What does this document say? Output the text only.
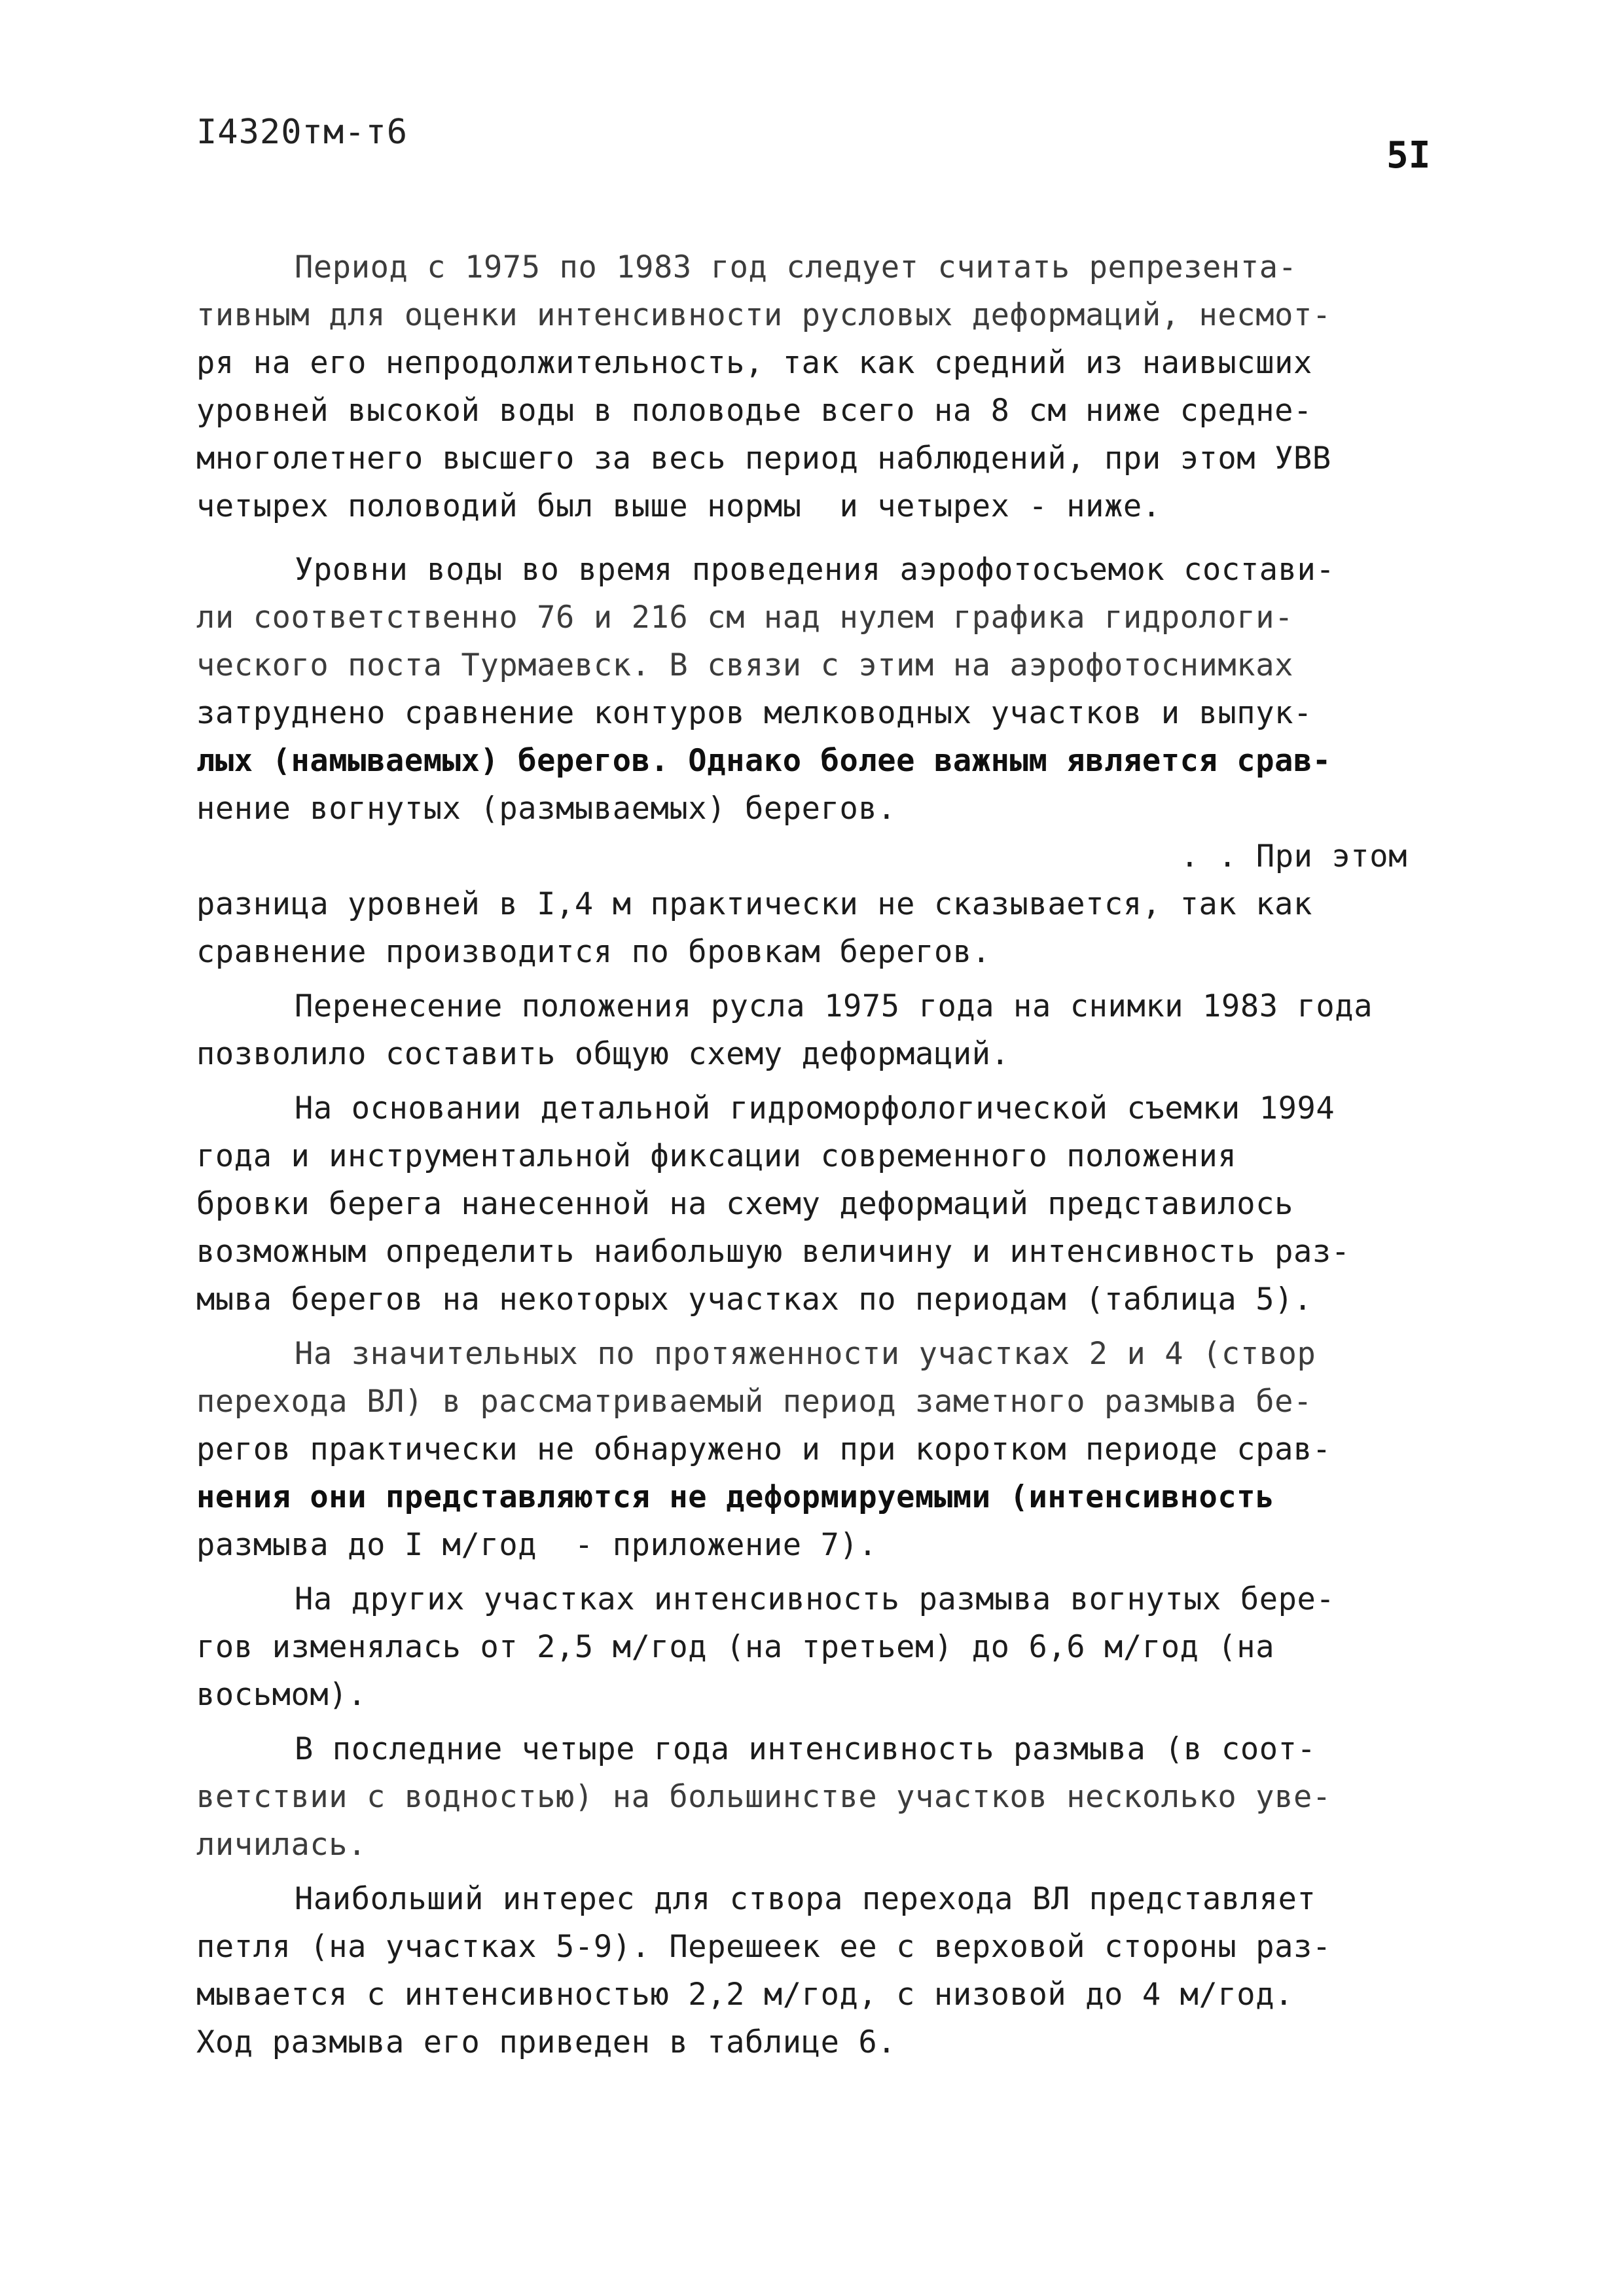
I4320тм-т6
5I
Период с 1975 по 1983 год следует считать репрезента-
тивным для оценки интенсивности русловых деформаций, несмот-
ря на его непродолжительность, так как средний из наивысших
уровней высокой воды в половодье всего на 8 см ниже средне-
многолетнего высшего за весь период наблюдений, при этом УВВ
четырех половодий был выше нормы  и четырех - ниже.
Уровни воды во время проведения аэрофотосъемок состави-
ли соответственно 76 и 216 см над нулем графика гидрологи-
ческого поста Турмаевск. В связи с этим на аэрофотоснимках
затруднено сравнение контуров мелководных участков и выпук-
лых (намываемых) берегов. Однако более важным является срав-
нение вогнутых (размываемых) берегов.
. . При этом
разница уровней в I,4 м практически не сказывается, так как
сравнение производится по бровкам берегов.
Перенесение положения русла 1975 года на снимки 1983 года
позволило составить общую схему деформаций.
На основании детальной гидроморфологической съемки 1994
года и инструментальной фиксации современного положения
бровки берега нанесенной на схему деформаций представилось
возможным определить наибольшую величину и интенсивность раз-
мыва берегов на некоторых участках по периодам (таблица 5).
На значительных по протяженности участках 2 и 4 (створ
перехода ВЛ) в рассматриваемый период заметного размыва бе-
регов практически не обнаружено и при коротком периоде срав-
нения они представляются не деформируемыми (интенсивность
размыва до I м/год  - приложение 7).
На других участках интенсивность размыва вогнутых бере-
гов изменялась от 2,5 м/год (на третьем) до 6,6 м/год (на
восьмом).
В последние четыре года интенсивность размыва (в соот-
ветствии с водностью) на большинстве участков несколько уве-
личилась.
Наибольший интерес для створа перехода ВЛ представляет
петля (на участках 5-9). Перешеек ее с верховой стороны раз-
мывается с интенсивностью 2,2 м/год, с низовой до 4 м/год.
Ход размыва его приведен в таблице 6.
